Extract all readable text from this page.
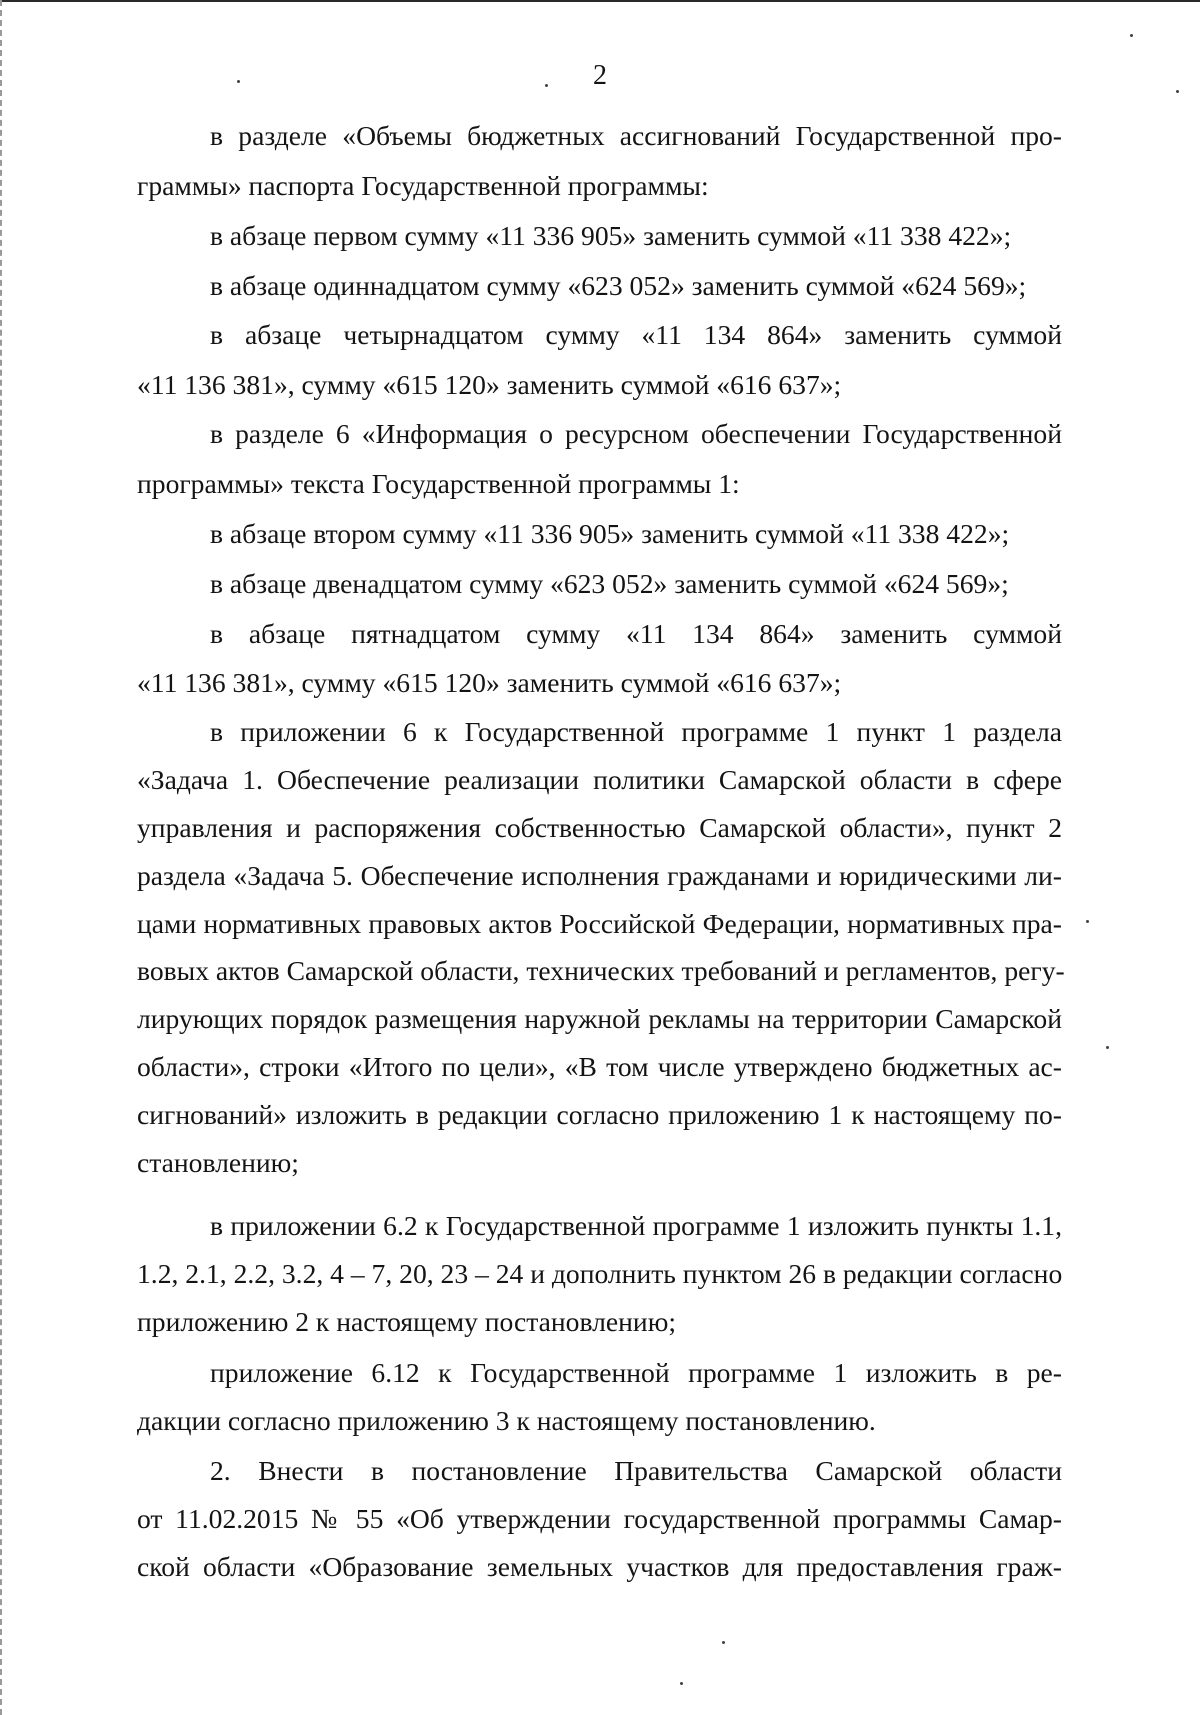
2

в разделе «Объемы бюджетных ассигнований Государственной про-

граммы» паспорта Государственной программы:

в абзаце первом сумму «11 336 905» заменить суммой «11 338 422»;

в абзаце одиннадцатом сумму «623 052» заменить суммой «624 569»;

в абзаце четырнадцатом сумму «11 134 864» заменить суммой

«11 136 381», сумму «615 120» заменить суммой «616 637»;

в разделе 6 «Информация о ресурсном обеспечении Государственной

программы» текста Государственной программы 1:

в абзаце втором сумму «11 336 905» заменить суммой «11 338 422»;

в абзаце двенадцатом сумму «623 052» заменить суммой «624 569»;

в абзаце пятнадцатом сумму «11 134 864» заменить суммой

«11 136 381», сумму «615 120» заменить суммой «616 637»;

в приложении 6 к Государственной программе 1 пункт 1 раздела

«Задача 1. Обеспечение реализации политики Самарской области в сфере

управления и распоряжения собственностью Самарской области», пункт 2

раздела «Задача 5. Обеспечение исполнения гражданами и юридическими ли-

цами нормативных правовых актов Российской Федерации, нормативных пра-

вовых актов Самарской области, технических требований и регламентов, регу-

лирующих порядок размещения наружной рекламы на территории Самарской

области», строки «Итого по цели», «В том числе утверждено бюджетных ас-

сигнований» изложить в редакции согласно приложению 1 к настоящему по-

становлению;

в приложении 6.2 к Государственной программе 1 изложить пункты 1.1,

1.2, 2.1, 2.2, 3.2, 4 – 7, 20, 23 – 24 и дополнить пунктом 26 в редакции согласно

приложению 2 к настоящему постановлению;

приложение 6.12 к Государственной программе 1 изложить в ре-

дакции согласно приложению 3 к настоящему постановлению.

2. Внести в постановление Правительства Самарской области

от 11.02.2015 № 55 «Об утверждении государственной программы Самар-

ской области «Образование земельных участков для предоставления граж-
